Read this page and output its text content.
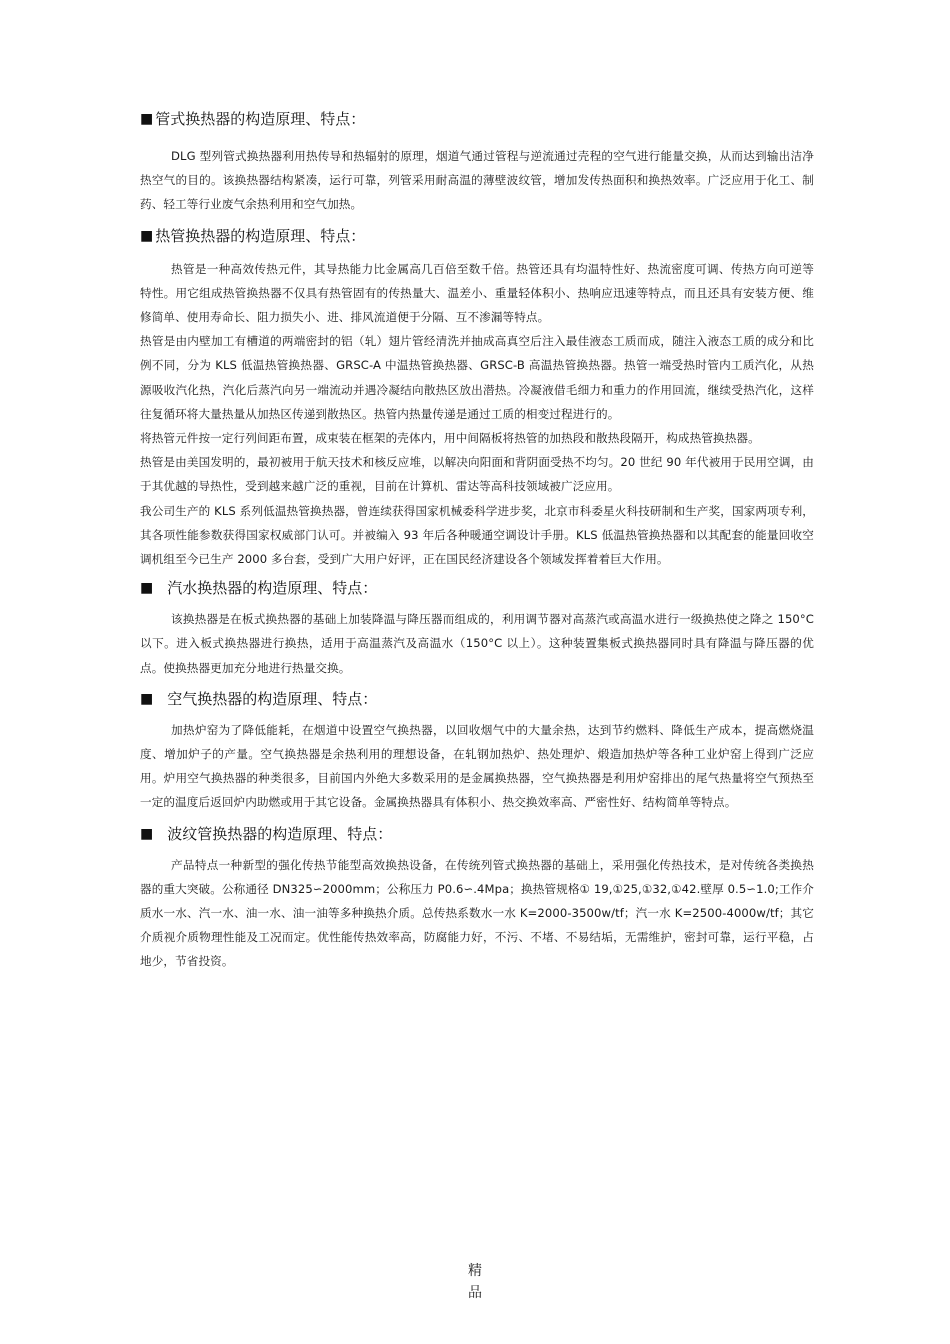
■ 管式换热器的构造原理、特点：

DLG 型列管式换热器利用热传导和热辐射的原理，烟道气通过管程与逆流通过壳程的空气进行能量交换，从而达到输出洁净热空气的目的。该换热器结构紧凑，运行可靠，列管采用耐高温的薄壁波纹管，增加发传热面积和换热效率。广泛应用于化工、制药、轻工等行业废气余热利用和空气加热。

■ 热管换热器的构造原理、特点：

热管是一种高效传热元件，其导热能力比金属高几百倍至数千倍。热管还具有均温特性好、热流密度可调、传热方向可逆等特性。用它组成热管换热器不仅具有热管固有的传热量大、温差小、重量轻体积小、热响应迅速等特点，而且还具有安装方便、维修简单、使用寿命长、阻力损失小、进、排风流道便于分隔、互不渗漏等特点。

热管是由内壁加工有槽道的两端密封的铝（轧）翅片管经清洗并抽成高真空后注入最佳液态工质而成，随注入液态工质的成分和比例不同，分为 KLS 低温热管换热器、GRSC-A 中温热管换热器、GRSC-B 高温热管换热器。热管一端受热时管内工质汽化，从热源吸收汽化热，汽化后蒸汽向另一端流动并遇冷凝结向散热区放出潜热。冷凝液借毛细力和重力的作用回流，继续受热汽化，这样往复循环将大量热量从加热区传递到散热区。热管内热量传递是通过工质的相变过程进行的。

将热管元件按一定行列间距布置，成束装在框架的壳体内，用中间隔板将热管的加热段和散热段隔开，构成热管换热器。

热管是由美国发明的，最初被用于航天技术和核反应堆，以解决向阳面和背阴面受热不均匀。20 世纪 90 年代被用于民用空调，由于其优越的导热性，受到越来越广泛的重视，目前在计算机、雷达等高科技领域被广泛应用。

我公司生产的 KLS 系列低温热管换热器，曾连续获得国家机械委科学进步奖，北京市科委星火科技研制和生产奖，国家两项专利，其各项性能参数获得国家权威部门认可。并被编入 93 年后各种暖通空调设计手册。KLS 低温热管换热器和以其配套的能量回收空调机组至今已生产 2000 多台套，受到广大用户好评，正在国民经济建设各个领域发挥着着巨大作用。

■ 汽水换热器的构造原理、特点：

该换热器是在板式换热器的基础上加装降温与降压器而组成的，利用调节器对高蒸汽或高温水进行一级换热使之降之 150°C 以下。进入板式换热器进行换热，适用于高温蒸汽及高温水（150°C 以上）。这种装置集板式换热器同时具有降温与降压器的优点。使换热器更加充分地进行热量交换。

■ 空气换热器的构造原理、特点：

加热炉窑为了降低能耗，在烟道中设置空气换热器，以回收烟气中的大量余热，达到节约燃料、降低生产成本，提高燃烧温度、增加炉子的产量。空气换热器是余热利用的理想设备，在轧钢加热炉、热处理炉、煅造加热炉等各种工业炉窑上得到广泛应用。炉用空气换热器的种类很多，目前国内外绝大多数采用的是金属换热器，空气换热器是利用炉窑排出的尾气热量将空气预热至一定的温度后返回炉内助燃或用于其它设备。金属换热器具有体积小、热交换效率高、严密性好、结构简单等特点。

■ 波纹管换热器的构造原理、特点：

产品特点一种新型的强化传热节能型高效换热设备，在传统列管式换热器的基础上，采用强化传热技术，是对传统各类换热器的重大突破。公称通径 DN325∽2000mm；公称压力 P0.6∽.4Mpa；换热管规格① 19,①25,①32,①42.壁厚 0.5∽1.0;工作介质水一水、汽一水、油一水、油一油等多种换热介质。总传热系数水一水 K=2000-3500w/tf；汽一水 K=2500-4000w/tf；其它介质视介质物理性能及工况而定。优性能传热效率高，防腐能力好，不污、不堵、不易结垢，无需维护，密封可靠，运行平稳，占地少，节省投资。

精
品
